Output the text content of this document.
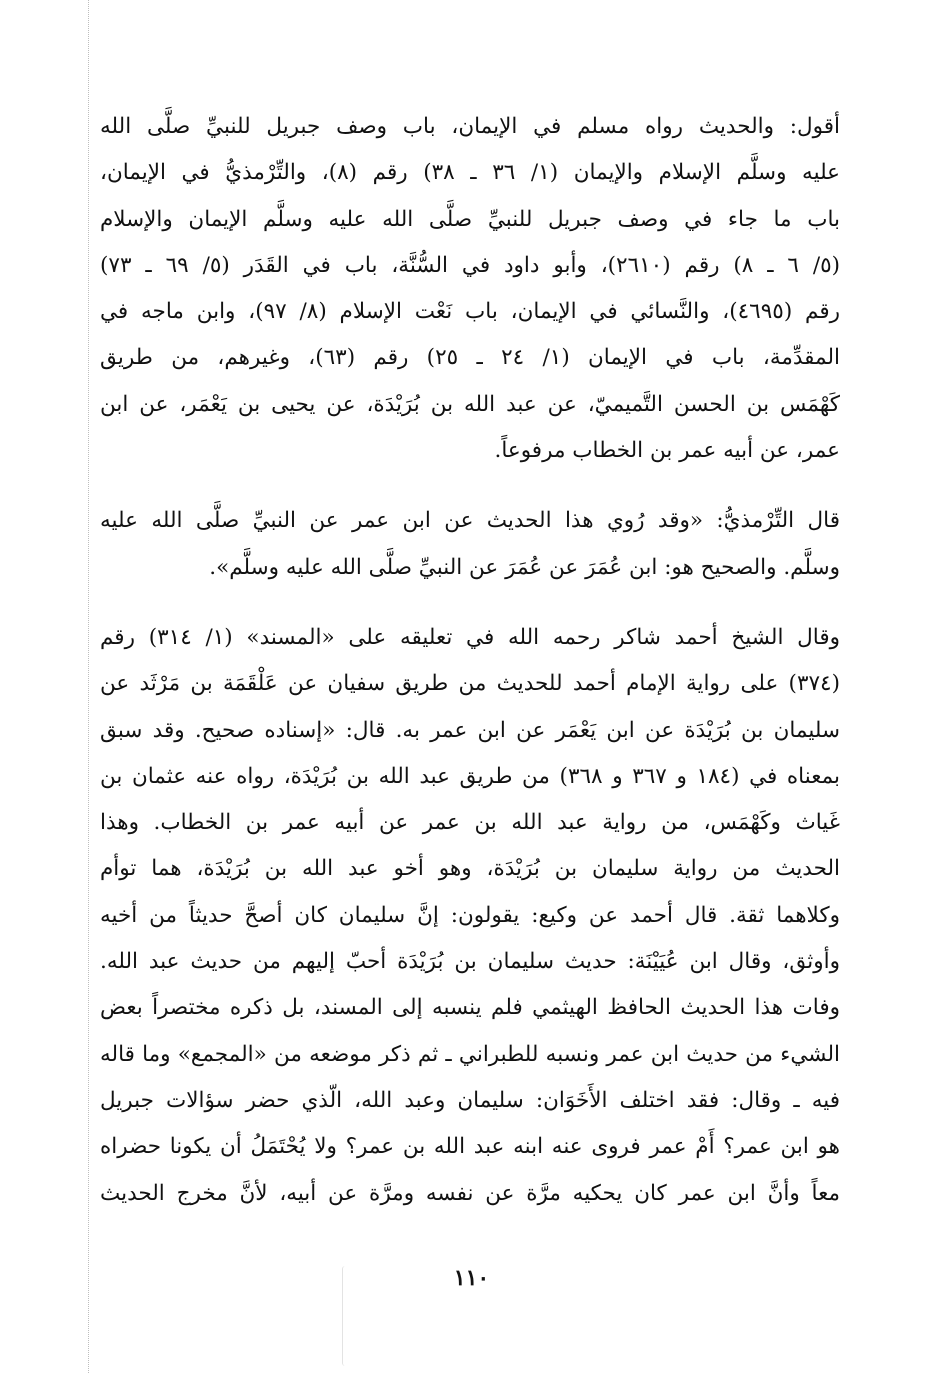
أقول: والحديث رواه مسلم في الإيمان، باب وصف جبريل للنبيِّ صلَّى الله
عليه وسلَّم الإسلام والإيمان (١/ ٣٦ ـ ٣٨) رقم (٨)، والتِّرْمذيُّ في الإيمان،
باب ما جاء في وصف جبريل للنبيِّ صلَّى الله عليه وسلَّم الإيمان والإسلام
(٥/ ٦ ـ ٨) رقم (٢٦١٠)، وأبو داود في السُّنَّة، باب في القَدَر (٥/ ٦٩ ـ ٧٣)
رقم (٤٦٩٥)، والنَّسائي في الإيمان، باب نَعْت الإسلام (٨/ ٩٧)، وابن ماجه في
المقدِّمة، باب في الإيمان (١/ ٢٤ ـ ٢٥) رقم (٦٣)، وغيرهم، من طريق
كَهْمَس بن الحسن التَّميميّ، عن عبد الله بن بُرَيْدَة، عن يحيى بن يَعْمَر، عن ابن
عمر، عن أبيه عمر بن الخطاب مرفوعاً.
قال التِّرْمذيُّ: «وقد رُوي هذا الحديث عن ابن عمر عن النبيِّ صلَّى الله عليه
وسلَّم. والصحيح هو: ابن عُمَرَ عن عُمَرَ عن النبيِّ صلَّى الله عليه وسلَّم».
وقال الشيخ أحمد شاكر رحمه الله في تعليقه على «المسند» (١/ ٣١٤) رقم
(٣٧٤) على رواية الإمام أحمد للحديث من طريق سفيان عن عَلْقَمَة بن مَرْثَد عن
سليمان بن بُرَيْدَة عن ابن يَعْمَر عن ابن عمر به. قال: «إسناده صحيح. وقد سبق
بمعناه في (١٨٤ و ٣٦٧ و ٣٦٨) من طريق عبد الله بن بُرَيْدَة، رواه عنه عثمان بن
غَياث وكَهْمَس، من رواية عبد الله بن عمر عن أبيه عمر بن الخطاب. وهذا
الحديث من رواية سليمان بن بُرَيْدَة، وهو أخو عبد الله بن بُرَيْدَة، هما توأم
وكلاهما ثقة. قال أحمد عن وكيع: يقولون: إنَّ سليمان كان أصحَّ حديثاً من أخيه
وأوثق، وقال ابن عُيَيْنَة: حديث سليمان بن بُرَيْدَة أحبّ إليهم من حديث عبد الله.
وفات هذا الحديث الحافظ الهيثمي فلم ينسبه إلى المسند، بل ذكره مختصراً بعض
الشيء من حديث ابن عمر ونسبه للطبراني ـ ثم ذكر موضعه من «المجمع» وما قاله
فيه ـ وقال: فقد اختلف الأَخَوَان: سليمان وعبد الله، الّذي حضر سؤالات جبريل
هو ابن عمر؟ أَمْ عمر فروى عنه ابنه عبد الله بن عمر؟ ولا يُحْتَمَلُ أن يكونا حضراه
معاً وأنَّ ابن عمر كان يحكيه مرَّة عن نفسه ومرَّة عن أبيه، لأنَّ مخرج الحديث
١١٠
